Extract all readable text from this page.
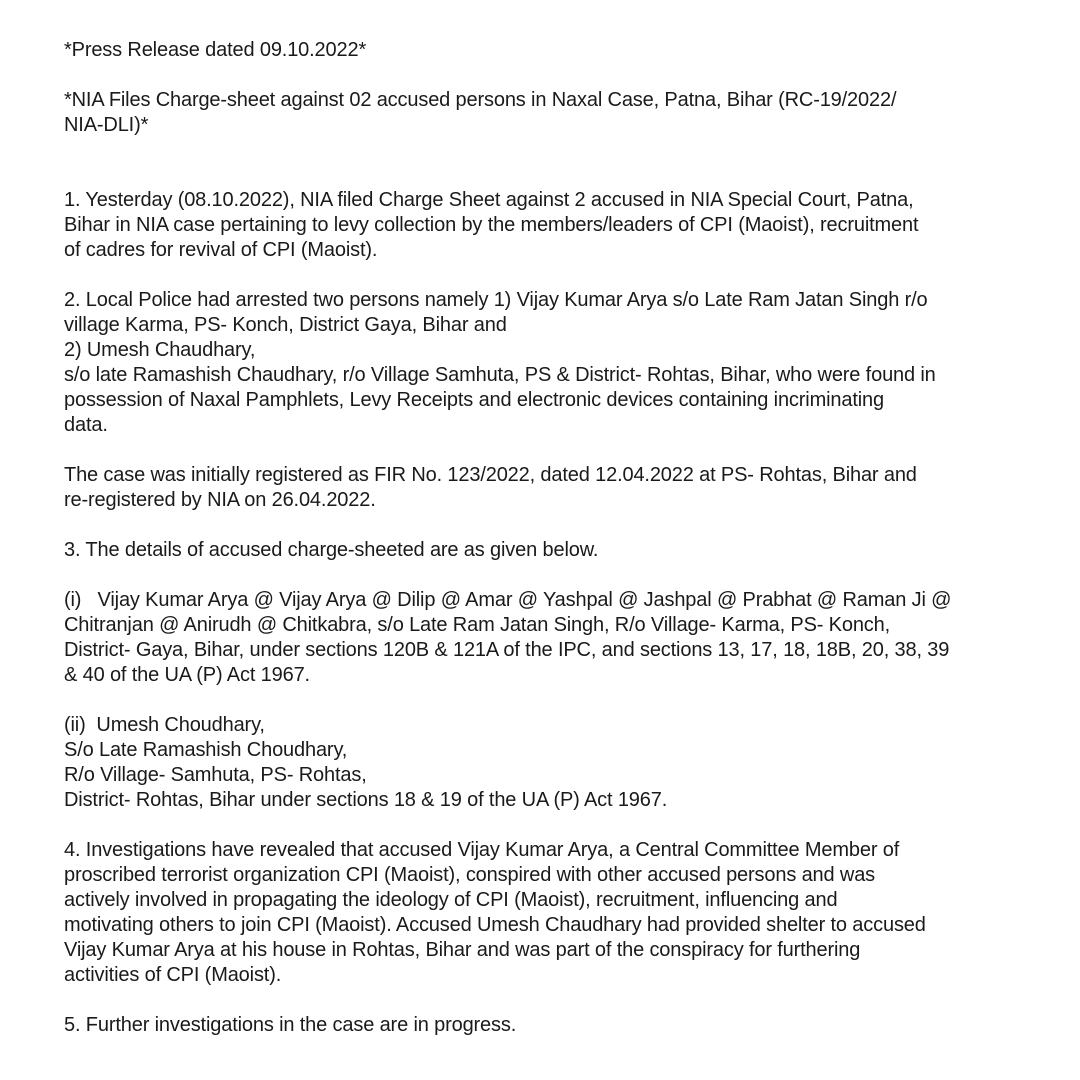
*Press Release dated 09.10.2022*
*NIA Files Charge-sheet against 02 accused persons in Naxal Case, Patna, Bihar (RC-19/2022/
NIA-DLI)*
1. Yesterday (08.10.2022), NIA filed Charge Sheet against 2 accused in NIA Special Court, Patna,
Bihar in NIA case pertaining to levy collection by the members/leaders of CPI (Maoist), recruitment
of cadres for revival of CPI (Maoist).
2. Local Police had arrested two persons namely 1) Vijay Kumar Arya s/o Late Ram Jatan Singh r/o
village Karma, PS- Konch, District Gaya, Bihar and
2) Umesh Chaudhary,
s/o late Ramashish Chaudhary, r/o Village Samhuta, PS & District- Rohtas, Bihar, who were found in
possession of Naxal Pamphlets, Levy Receipts and electronic devices containing incriminating
data.
The case was initially registered as FIR No. 123/2022, dated 12.04.2022 at PS- Rohtas, Bihar and
re-registered by NIA on 26.04.2022.
3. The details of accused charge-sheeted are as given below.
(i)   Vijay Kumar Arya @ Vijay Arya @ Dilip @ Amar @ Yashpal @ Jashpal @ Prabhat @ Raman Ji @
Chitranjan @ Anirudh @ Chitkabra, s/o Late Ram Jatan Singh, R/o Village- Karma, PS- Konch,
District- Gaya, Bihar, under sections 120B & 121A of the IPC, and sections 13, 17, 18, 18B, 20, 38, 39
& 40 of the UA (P) Act 1967.
(ii)  Umesh Choudhary,
S/o Late Ramashish Choudhary,
R/o Village- Samhuta, PS- Rohtas,
District- Rohtas, Bihar under sections 18 & 19 of the UA (P) Act 1967.
4. Investigations have revealed that accused Vijay Kumar Arya, a Central Committee Member of
proscribed terrorist organization CPI (Maoist), conspired with other accused persons and was
actively involved in propagating the ideology of CPI (Maoist), recruitment, influencing and
motivating others to join CPI (Maoist). Accused Umesh Chaudhary had provided shelter to accused
Vijay Kumar Arya at his house in Rohtas, Bihar and was part of the conspiracy for furthering
activities of CPI (Maoist).
5. Further investigations in the case are in progress.
